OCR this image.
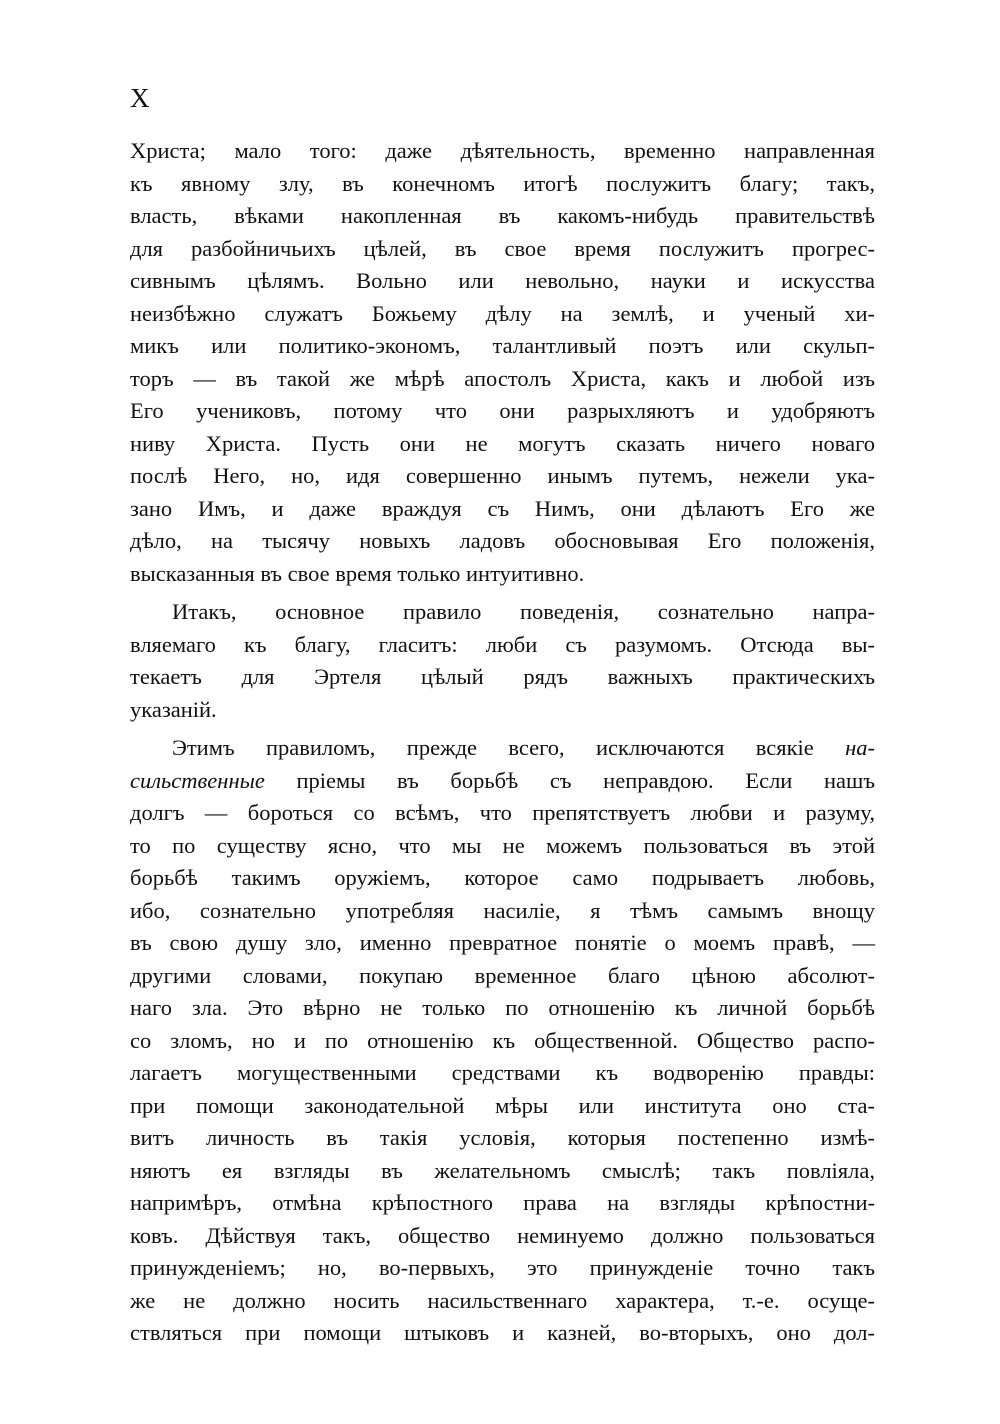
X
Христа; мало того: даже дѣятельность, временно направленная
къ явному злу, въ конечномъ итогѣ послужитъ благу; такъ,
власть, вѣками накопленная въ какомъ-нибудь правительствѣ
для разбойничьихъ цѣлей, въ свое время послужитъ прогрес-
сивнымъ цѣлямъ. Вольно или невольно, науки и искусства
неизбѣжно служатъ Божьему дѣлу на землѣ, и ученый хи-
микъ или политико-экономъ, талантливый поэтъ или скульп-
торъ — въ такой же мѣрѣ апостолъ Христа, какъ и любой изъ
Его учениковъ, потому что они разрыхляютъ и удобряютъ
ниву Христа. Пусть они не могутъ сказать ничего новаго
послѣ Него, но, идя совершенно инымъ путемъ, нежели ука-
зано Имъ, и даже враждуя съ Нимъ, они дѣлаютъ Его же
дѣло, на тысячу новыхъ ладовъ обосновывая Его положенія,
высказанныя въ свое время только интуитивно.
Итакъ, основное правило поведенія, сознательно напра-
вляемаго къ благу, гласитъ: люби съ разумомъ. Отсюда вы-
текаетъ для Эртеля цѣлый рядъ важныхъ практическихъ
указаній.
Этимъ правиломъ, прежде всего, исключаются всякіе на-
сильственные пріемы въ борьбѣ съ неправдою. Если нашъ
долгъ — бороться со всѣмъ, что препятствуетъ любви и разуму,
то по существу ясно, что мы не можемъ пользоваться въ этой
борьбѣ такимъ оружіемъ, которое само подрываетъ любовь,
ибо, сознательно употребляя насиліе, я тѣмъ самымъ внощу
въ свою душу зло, именно превратное понятіе о моемъ правѣ, —
другими словами, покупаю временное благо цѣною абсолют-
наго зла. Это вѣрно не только по отношенію къ личной борьбѣ
со зломъ, но и по отношенію къ общественной. Общество распо-
лагаетъ могущественными средствами къ водворенію правды:
при помощи законодательной мѣры или института оно ста-
витъ личность въ такія условія, которыя постепенно измѣ-
няютъ ея взгляды въ желательномъ смыслѣ; такъ повліяла,
напримѣръ, отмѣна крѣпостного права на взгляды крѣпостни-
ковъ. Дѣйствуя такъ, общество неминуемо должно пользоваться
принужденіемъ; но, во-первыхъ, это принужденіе точно такъ
же не должно носить насильственнаго характера, т.-е. осуще-
ствляться при помощи штыковъ и казней, во-вторыхъ, оно дол-
